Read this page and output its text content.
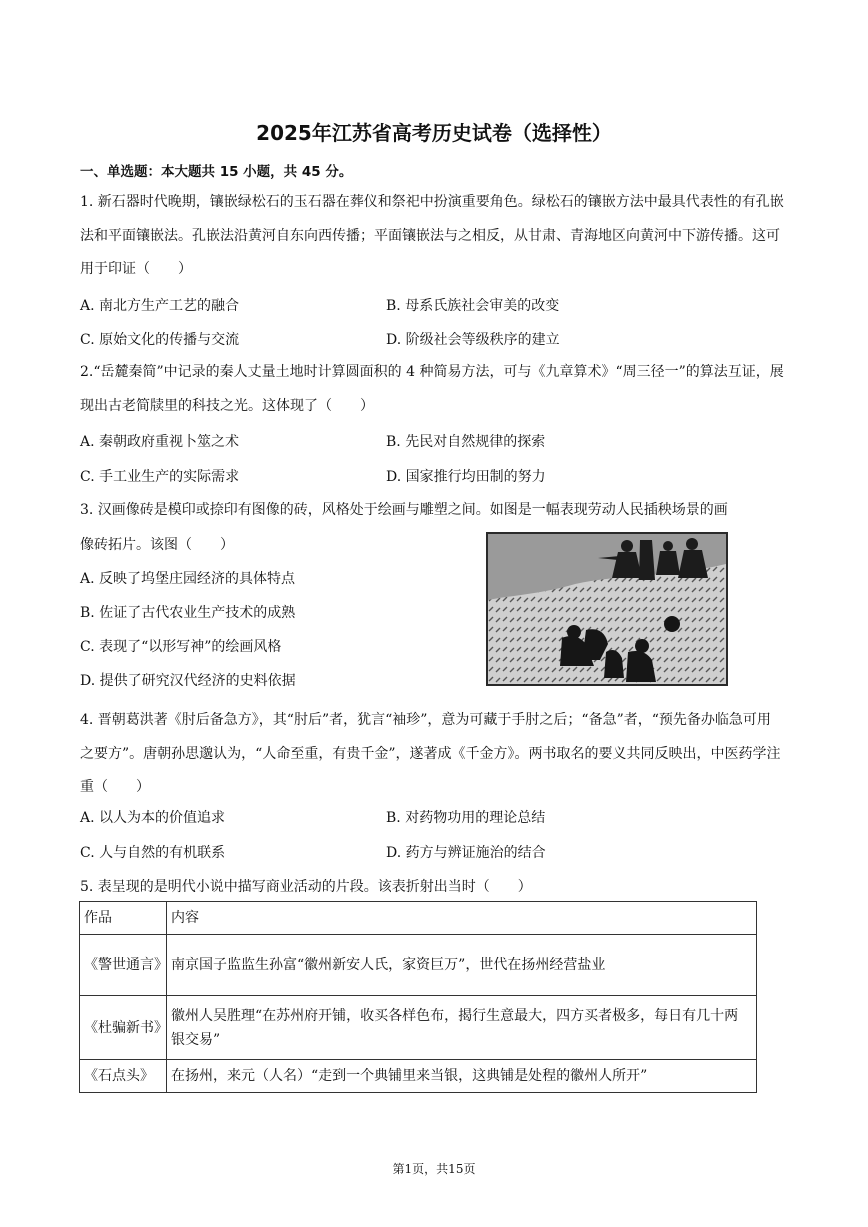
2025年江苏省高考历史试卷（选择性）
一、单选题：本大题共 15 小题，共 45 分。
1. 新石器时代晚期，镶嵌绿松石的玉石器在葬仪和祭祀中扮演重要角色。绿松石的镶嵌方法中最具代表性的有孔嵌法和平面镶嵌法。孔嵌法沿黄河自东向西传播；平面镶嵌法与之相反，从甘肃、青海地区向黄河中下游传播。这可用于印证（　　）
A. 南北方生产工艺的融合	B. 母系氏族社会审美的改变
C. 原始文化的传播与交流	D. 阶级社会等级秩序的建立
2.“岳麓秦简”中记录的秦人丈量土地时计算圆面积的 4 种简易方法，可与《九章算术》“周三径一”的算法互证，展现出古老简牍里的科技之光。这体现了（　　）
A. 秦朝政府重视卜筮之术	B. 先民对自然规律的探索
C. 手工业生产的实际需求	D. 国家推行均田制的努力
3. 汉画像砖是模印或捺印有图像的砖，风格处于绘画与雕塑之间。如图是一幅表现劳动人民插秧场景的画
像砖拓片。该图（　　）
A. 反映了坞堡庄园经济的具体特点
B. 佐证了古代农业生产技术的成熟
C. 表现了“以形写神”的绘画风格
D. 提供了研究汉代经济的史料依据
4. 晋朝葛洪著《肘后备急方》，其“肘后”者，犹言“袖珍”，意为可藏于手肘之后；“备急”者，“预先备办临急可用之要方”。唐朝孙思邈认为，“人命至重，有贵千金”，遂著成《千金方》。两书取名的要义共同反映出，中医药学注重（　　）
A. 以人为本的价值追求	B. 对药物功用的理论总结
C. 人与自然的有机联系	D. 药方与辨证施治的结合
5. 表呈现的是明代小说中描写商业活动的片段。该表折射出当时（　　）
作品	内容
《警世通言》	南京国子监监生孙富“徽州新安人氏，家资巨万”，世代在扬州经营盐业
《杜骗新书》	徽州人吴胜理“在苏州府开铺，收买各样色布，揭行生意最大，四方买者极多，每日有几十两银交易”
《石点头》	在扬州，来元（人名）“走到一个典铺里来当银，这典铺是处程的徽州人所开”
第1页，共15页
